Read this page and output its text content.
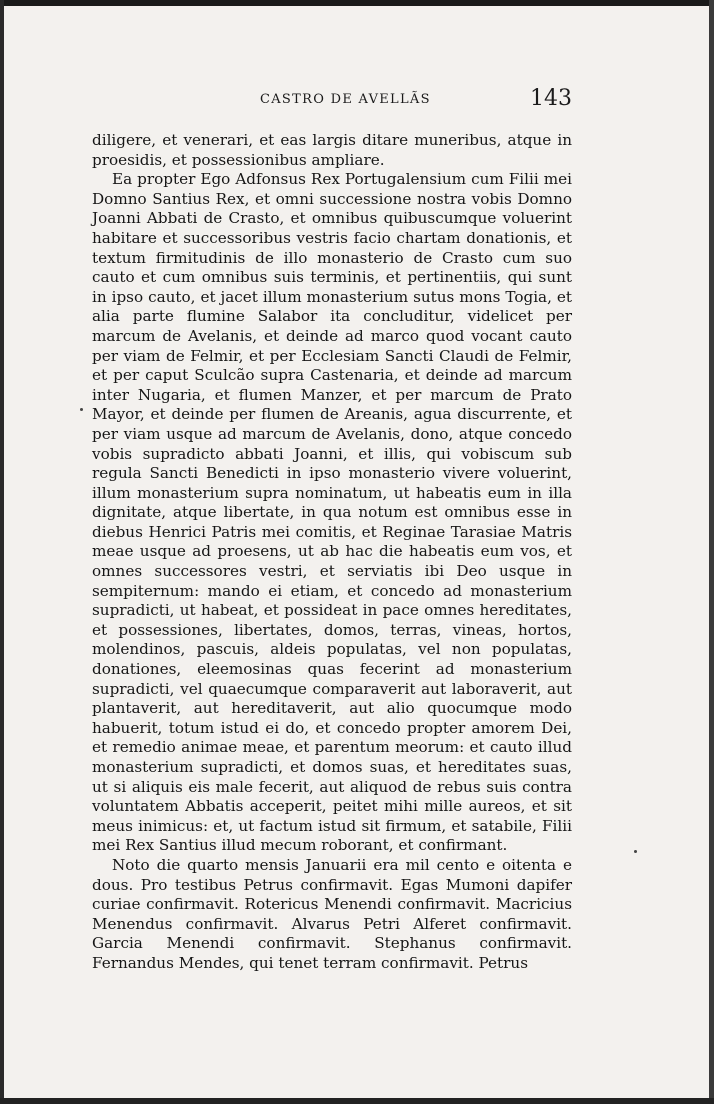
CASTRO DE AVELLÃS	143

diligere, et venerari, et eas largis ditare muneribus, atque in proesidis, et possessionibus ampliare.

Ea propter Ego Adfonsus Rex Portugalensium cum Filii mei Domno Santius Rex, et omni successione nostra vobis Domno Joanni Abbati de Crasto, et omnibus quibuscumque voluerint habitare et successoribus vestris facio chartam donationis, et textum firmitudinis de illo monasterio de Crasto cum suo cauto et cum omnibus suis terminis, et pertinentiis, qui sunt in ipso cauto, et jacet illum monasterium sutus mons Togia, et alia parte flumine Salabor ita concluditur, videlicet per marcum de Avelanis, et deinde ad marco quod vocant cauto per viam de Felmir, et per Ecclesiam Sancti Claudi de Felmir, et per caput Sculcão supra Castenaria, et deinde ad marcum inter Nugaria, et flumen Manzer, et per marcum de Prato Mayor, et deinde per flumen de Areanis, agua discurrente, et per viam usque ad marcum de Avelanis, dono, atque concedo vobis supradicto abbati Joanni, et illis, qui vobiscum sub regula Sancti Benedicti in ipso monasterio vivere voluerint, illum monasterium supra nominatum, ut habeatis eum in illa dignitate, atque libertate, in qua notum est omnibus esse in diebus Henrici Patris mei comitis, et Reginae Tarasiae Matris meae usque ad proesens, ut ab hac die habeatis eum vos, et omnes successores vestri, et serviatis ibi Deo usque in sempiternum: mando ei etiam, et concedo ad monasterium supradicti, ut habeat, et possideat in pace omnes hereditates, et possessiones, libertates, domos, terras, vineas, hortos, molendinos, pascuis, aldeis populatas, vel non populatas, donationes, eleemosinas quas fecerint ad monasterium supradicti, vel quaecumque comparaverit aut laboraverit, aut plantaverit, aut hereditaverit, aut alio quocumque modo habuerit, totum istud ei do, et concedo propter amorem Dei, et remedio animae meae, et parentum meorum: et cauto illud monasterium supradicti, et domos suas, et hereditates suas, ut si aliquis eis male fecerit, aut aliquod de rebus suis contra voluntatem Abbatis acceperit, peitet mihi mille aureos, et sit meus inimicus: et, ut factum istud sit firmum, et satabile, Filii mei Rex Santius illud mecum roborant, et confirmant.

Noto die quarto mensis Januarii era mil cento e oitenta e dous. Pro testibus Petrus confirmavit. Egas Mumoni dapifer curiae confirmavit. Rotericus Menendi confirmavit. Macricius Menendus confirmavit. Alvarus Petri Alferet confirmavit. Garcia Menendi confirmavit. Stephanus confirmavit. Fernandus Mendes, qui tenet terram confirmavit. Petrus
